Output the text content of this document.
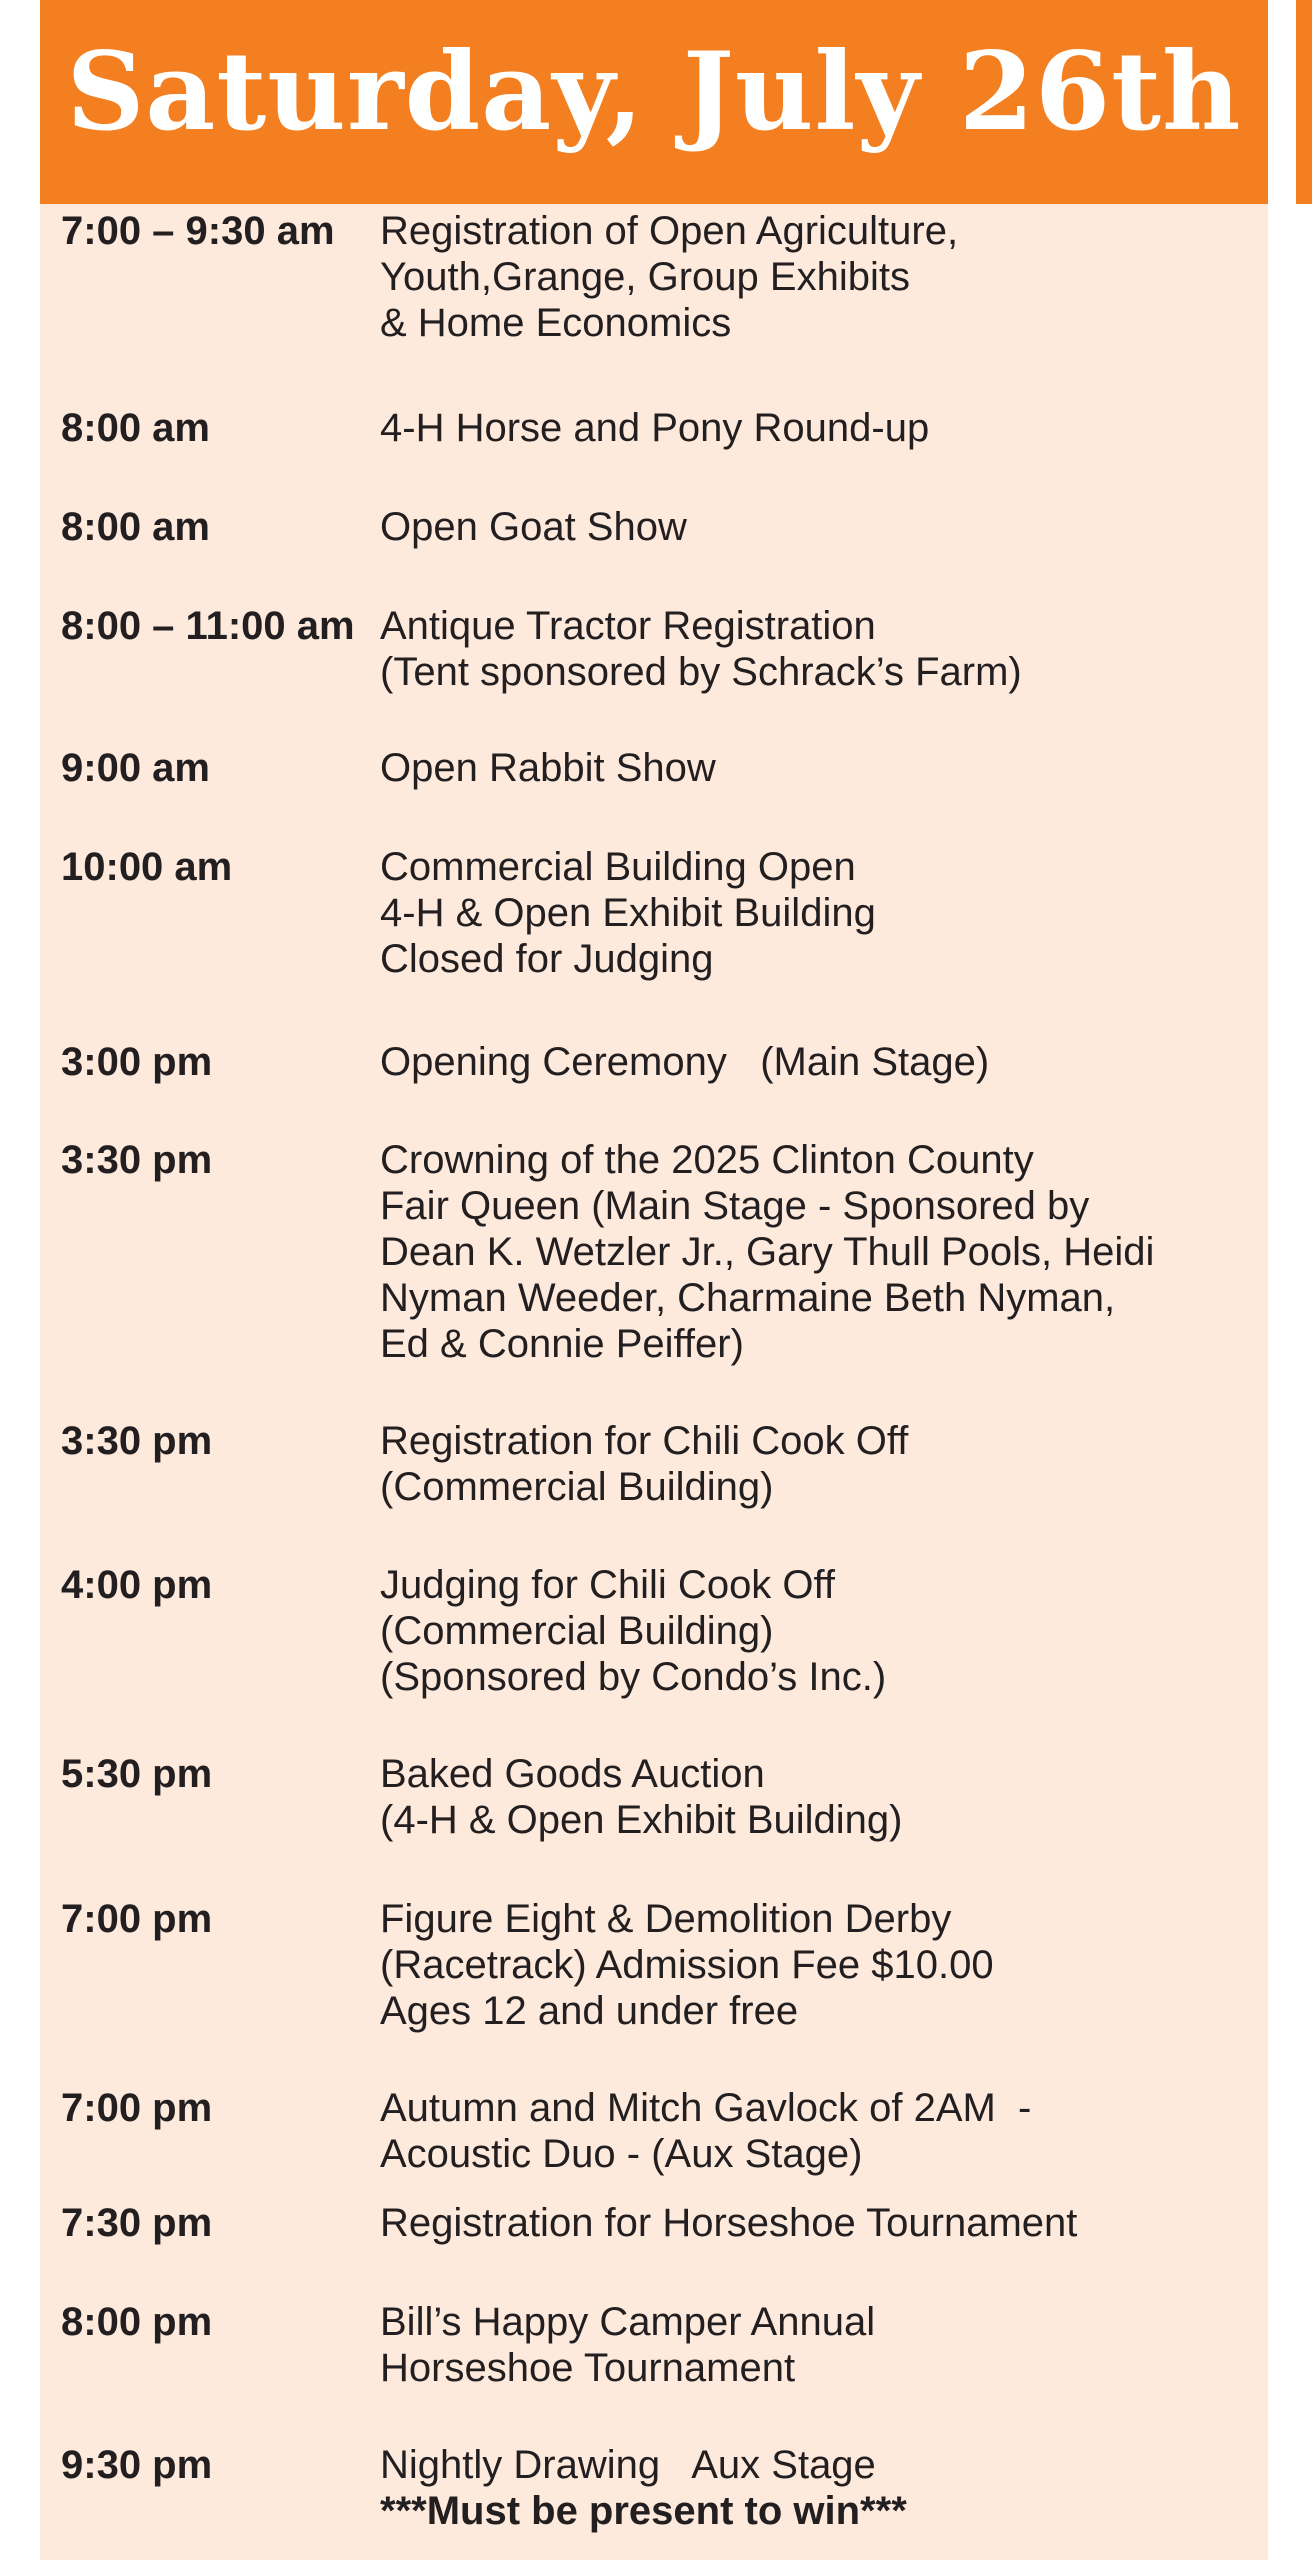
Saturday, July 26th
7:00 – 9:30 am Registration of Open Agriculture,
Youth,Grange, Group Exhibits
& Home Economics
8:00 am	4-H Horse and Pony Round-up
8:00 am	Open Goat Show
8:00 – 11:00 am Antique Tractor Registration
(Tent sponsored by Schrack’s Farm)
9:00 am	Open Rabbit Show
10:00 am	Commercial Building Open
4-H & Open Exhibit Building
Closed for Judging
3:00 pm	Opening Ceremony   (Main Stage)
3:30 pm	Crowning of the 2025 Clinton County
Fair Queen (Main Stage - Sponsored by
Dean K. Wetzler Jr., Gary Thull Pools, Heidi
Nyman Weeder, Charmaine Beth Nyman,
Ed & Connie Peiffer)
3:30 pm	Registration for Chili Cook Off
(Commercial Building)
4:00 pm	Judging for Chili Cook Off
(Commercial Building)
(Sponsored by Condo’s Inc.)
5:30 pm	Baked Goods Auction
(4-H & Open Exhibit Building)
7:00 pm	Figure Eight & Demolition Derby
(Racetrack) Admission Fee $10.00
Ages 12 and under free
7:00 pm	Autumn and Mitch Gavlock of 2AM  -
Acoustic Duo - (Aux Stage)
7:30 pm	Registration for Horseshoe Tournament
8:00 pm	Bill’s Happy Camper Annual
Horseshoe Tournament
9:30 pm	Nightly Drawing   Aux Stage
***Must be present to win***
